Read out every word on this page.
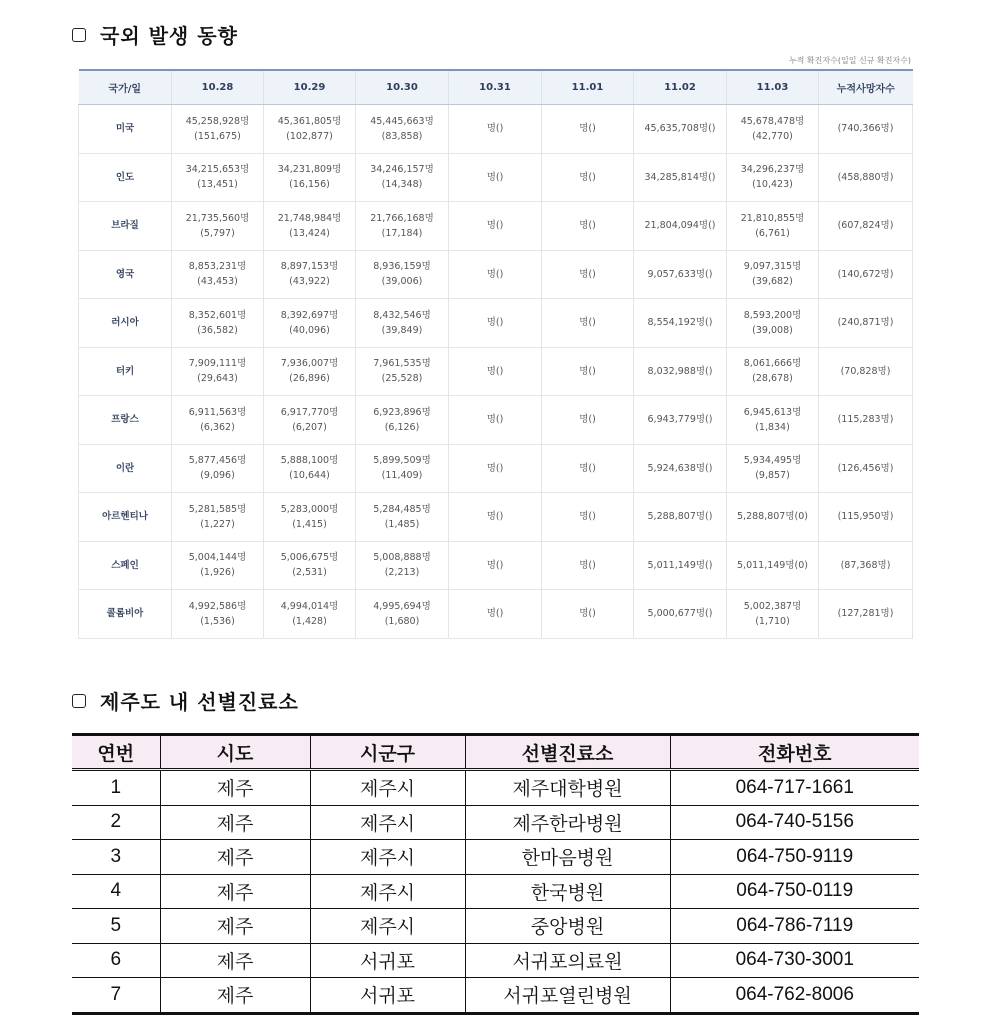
국외 발생 동향
누적 확진자수(일일 신규 확진자수)
국가/일	10.28	10.29	10.30	10.31	11.01	11.02	11.03	누적사망자수
미국	45,258,928명
(151,675)	45,361,805명
(102,877)	45,445,663명
(83,858)	명()	명()	45,635,708명()	45,678,478명
(42,770)	(740,366명)

인도	34,215,653명
(13,451)	34,231,809명
(16,156)	34,246,157명
(14,348)	명()	명()	34,285,814명()	34,296,237명
(10,423)	(458,880명)

브라질	21,735,560명
(5,797)	21,748,984명
(13,424)	21,766,168명
(17,184)	명()	명()	21,804,094명()	21,810,855명
(6,761)	(607,824명)

영국	8,853,231명
(43,453)	8,897,153명
(43,922)	8,936,159명
(39,006)	명()	명()	9,057,633명()	9,097,315명
(39,682)	(140,672명)

러시아	8,352,601명
(36,582)	8,392,697명
(40,096)	8,432,546명
(39,849)	명()	명()	8,554,192명()	8,593,200명
(39,008)	(240,871명)

터키	7,909,111명
(29,643)	7,936,007명
(26,896)	7,961,535명
(25,528)	명()	명()	8,032,988명()	8,061,666명
(28,678)	(70,828명)

프랑스	6,911,563명
(6,362)	6,917,770명
(6,207)	6,923,896명
(6,126)	명()	명()	6,943,779명()	6,945,613명
(1,834)	(115,283명)

이란	5,877,456명
(9,096)	5,888,100명
(10,644)	5,899,509명
(11,409)	명()	명()	5,924,638명()	5,934,495명
(9,857)	(126,456명)

아르헨티나	5,281,585명
(1,227)	5,283,000명
(1,415)	5,284,485명
(1,485)	명()	명()	5,288,807명()	5,288,807명(0)	(115,950명)

스페인	5,004,144명
(1,926)	5,006,675명
(2,531)	5,008,888명
(2,213)	명()	명()	5,011,149명()	5,011,149명(0)	(87,368명)

콜롬비아	4,992,586명
(1,536)	4,994,014명
(1,428)	4,995,694명
(1,680)	명()	명()	5,000,677명()	5,002,387명
(1,710)	(127,281명)
제주도 내 선별진료소
연번	시도	시군구	선별진료소	전화번호
1	제주	제주시	제주대학병원	064-717-1661
2	제주	제주시	제주한라병원	064-740-5156
3	제주	제주시	한마음병원	064-750-9119
4	제주	제주시	한국병원	064-750-0119
5	제주	제주시	중앙병원	064-786-7119
6	제주	서귀포	서귀포의료원	064-730-3001
7	제주	서귀포	서귀포열린병원	064-762-8006
